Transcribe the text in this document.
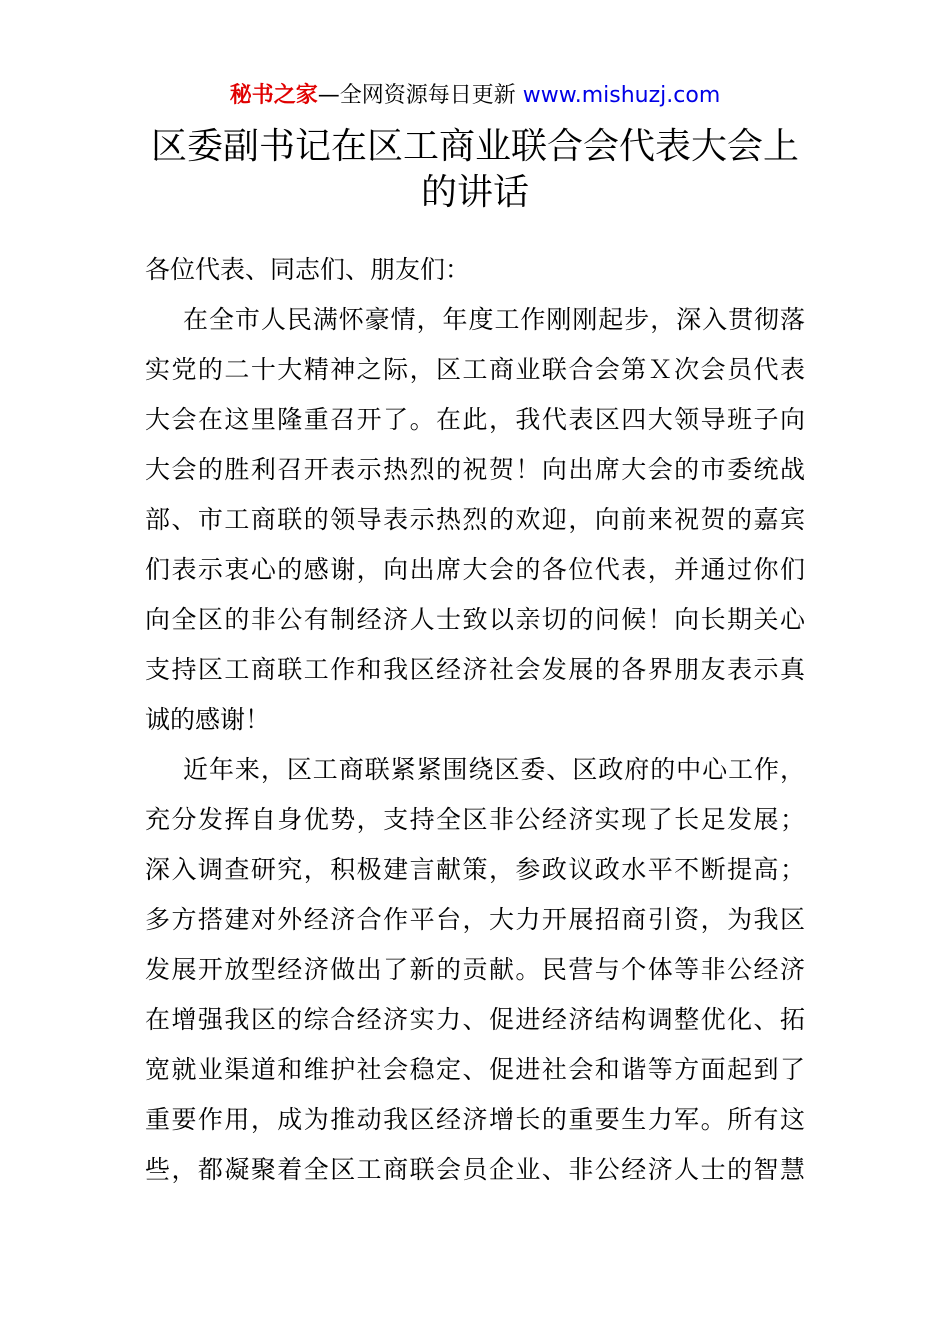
秘书之家—全网资源每日更新 www.mishuzj.com
区委副书记在区工商业联合会代表大会上
的讲话
各位代表、同志们、朋友们：
在全市人民满怀豪情，年度工作刚刚起步，深入贯彻落
实党的二十大精神之际，区工商业联合会第Ｘ次会员代表
大会在这里隆重召开了。在此，我代表区四大领导班子向
大会的胜利召开表示热烈的祝贺！向出席大会的市委统战
部、市工商联的领导表示热烈的欢迎，向前来祝贺的嘉宾
们表示衷心的感谢，向出席大会的各位代表，并通过你们
向全区的非公有制经济人士致以亲切的问候！向长期关心
支持区工商联工作和我区经济社会发展的各界朋友表示真
诚的感谢！
近年来，区工商联紧紧围绕区委、区政府的中心工作，
充分发挥自身优势，支持全区非公经济实现了长足发展；
深入调查研究，积极建言献策，参政议政水平不断提高；
多方搭建对外经济合作平台，大力开展招商引资，为我区
发展开放型经济做出了新的贡献。民营与个体等非公经济
在增强我区的综合经济实力、促进经济结构调整优化、拓
宽就业渠道和维护社会稳定、促进社会和谐等方面起到了
重要作用，成为推动我区经济增长的重要生力军。所有这
些，都凝聚着全区工商联会员企业、非公经济人士的智慧
